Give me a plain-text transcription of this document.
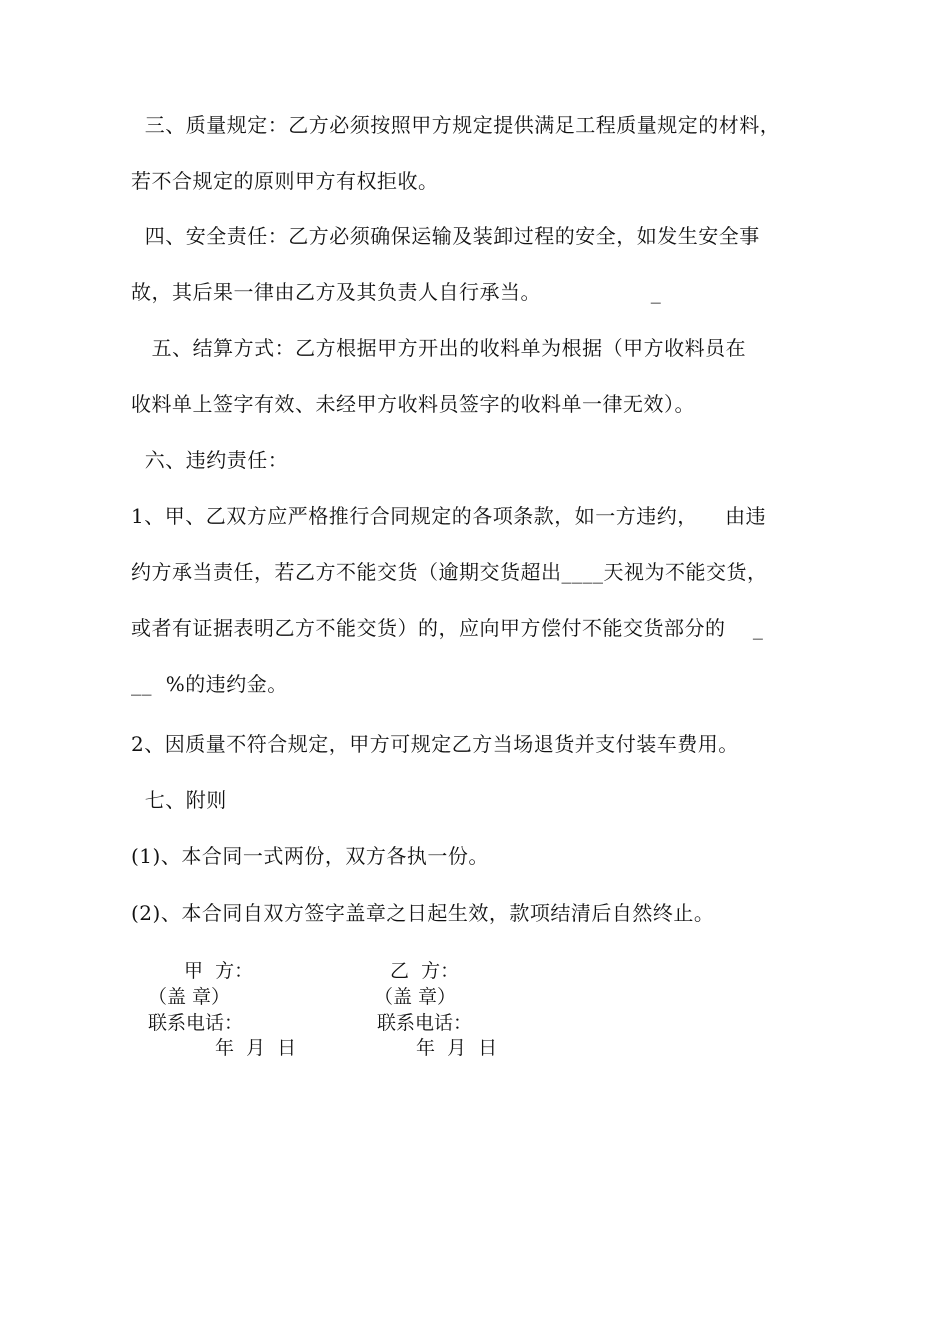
三、质量规定：乙方必须按照甲方规定提供满足工程质量规定的材料，
若不合规定的原则甲方有权拒收。
四、安全责任：乙方必须确保运输及装卸过程的安全，如发生安全事
故，其后果一律由乙方及其负责人自行承当。                _
五、结算方式：乙方根据甲方开出的收料单为根据（甲方收料员在
收料单上签字有效、未经甲方收料员签字的收料单一律无效）。
六、违约责任：
1、甲、乙双方应严格推行合同规定的各项条款，如一方违约，    由违
约方承当责任，若乙方不能交货（逾期交货超出____天视为不能交货，
或者有证据表明乙方不能交货）的，应向甲方偿付不能交货部分的    _
__  %的违约金。
2、因质量不符合规定，甲方可规定乙方当场退货并支付装车费用。
七、附则
(1)、本合同一式两份，双方各执一份。
(2)、本合同自双方签字盖章之日起生效，款项结清后自然终止。
甲  方：
（盖 章）
联系电话：
年  月  日
乙  方：
（盖 章）
联系电话：
年  月  日
